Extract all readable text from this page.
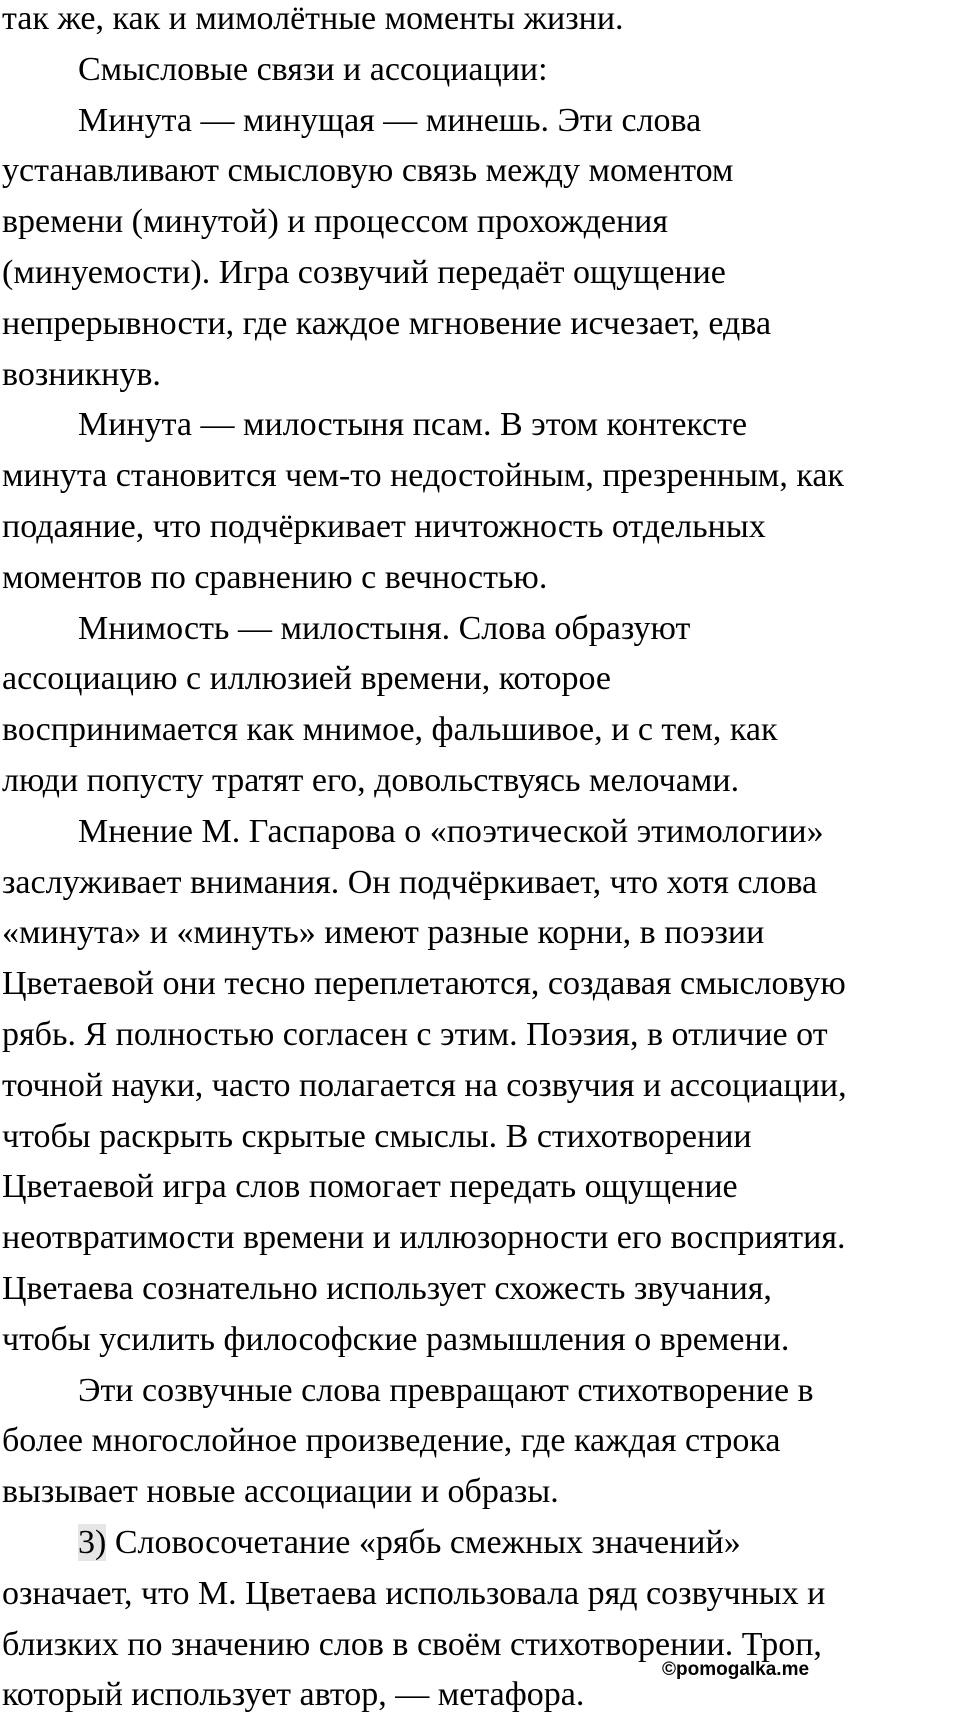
так же, как и мимолётные моменты жизни.
Смысловые связи и ассоциации:
Минута — минущая — минешь. Эти слова
устанавливают смысловую связь между моментом
времени (минутой) и процессом прохождения
(минуемости). Игра созвучий передаёт ощущение
непрерывности, где каждое мгновение исчезает, едва
возникнув.
Минута — милостыня псам. В этом контексте
минута становится чем-то недостойным, презренным, как
подаяние, что подчёркивает ничтожность отдельных
моментов по сравнению с вечностью.
Мнимость — милостыня. Слова образуют
ассоциацию с иллюзией времени, которое
воспринимается как мнимое, фальшивое, и с тем, как
люди попусту тратят его, довольствуясь мелочами.
Мнение М. Гаспарова о «поэтической этимологии»
заслуживает внимания. Он подчёркивает, что хотя слова
«минута» и «минуть» имеют разные корни, в поэзии
Цветаевой они тесно переплетаются, создавая смысловую
рябь. Я полностью согласен с этим. Поэзия, в отличие от
точной науки, часто полагается на созвучия и ассоциации,
чтобы раскрыть скрытые смыслы. В стихотворении
Цветаевой игра слов помогает передать ощущение
неотвратимости времени и иллюзорности его восприятия.
Цветаева сознательно использует схожесть звучания,
чтобы усилить философские размышления о времени.
Эти созвучные слова превращают стихотворение в
более многослойное произведение, где каждая строка
вызывает новые ассоциации и образы.
3) Словосочетание «рябь смежных значений»
означает, что М. Цветаева использовала ряд созвучных и
близких по значению слов в своём стихотворении. Троп,
который использует автор, — метафора.
©pomogalka.me
